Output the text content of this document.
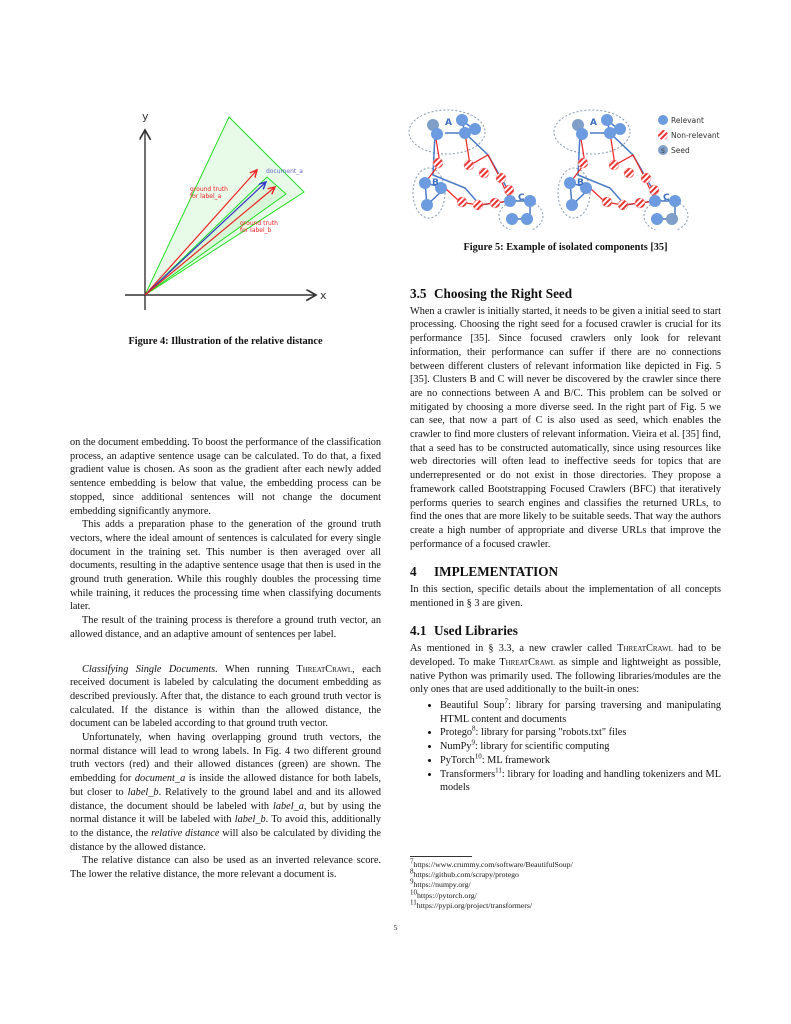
y
x
document_a
ground truth
for label_a
ground truth
for label_b
Figure 4: Illustration of the relative distance
A
B
C
A
B
C
Relevant
Non-relevant
S Seed
Figure 5: Example of isolated components [35]

on the document embedding. To boost the performance of the classification process, an adaptive sentence usage can be calculated. To do that, a fixed gradient value is chosen. As soon as the gradient after each newly added sentence embedding is below that value, the embedding process can be stopped, since additional sentences will not change the document embedding significantly anymore.

This adds a preparation phase to the generation of the ground truth vectors, where the ideal amount of sentences is calculated for every single document in the training set. This number is then averaged over all documents, resulting in the adaptive sentence usage that then is used in the ground truth generation. While this roughly doubles the processing time while training, it reduces the processing time when classifying documents later.

The result of the training process is therefore a ground truth vector, an allowed distance, and an adaptive amount of sentences per label.

Classifying Single Documents. When running ThreatCrawl, each received document is labeled by calculating the document embedding as described previously. After that, the distance to each ground truth vector is calculated. If the distance is within than the allowed distance, the document can be labeled according to that ground truth vector.

Unfortunately, when having overlapping ground truth vectors, the normal distance will lead to wrong labels. In Fig. 4 two different ground truth vectors (red) and their allowed distances (green) are shown. The embedding for document_a is inside the allowed distance for both labels, but closer to label_b. Relatively to the ground label and and its allowed distance, the document should be labeled with label_a, but by using the normal distance it will be labeled with label_b. To avoid this, additionally to the distance, the relative distance will also be calculated by dividing the distance by the allowed distance.

The relative distance can also be used as an inverted relevance score. The lower the relative distance, the more relevant a document is.

3.5 Choosing the Right Seed

When a crawler is initially started, it needs to be given a initial seed to start processing. Choosing the right seed for a focused crawler is crucial for its performance [35]. Since focused crawlers only look for relevant information, their performance can suffer if there are no connections between different clusters of relevant information like depicted in Fig. 5 [35]. Clusters B and C will never be discovered by the crawler since there are no connections between A and B/C. This problem can be solved or mitigated by choosing a more diverse seed. In the right part of Fig. 5 we can see, that now a part of C is also used as seed, which enables the crawler to find more clusters of relevant information. Vieira et al. [35] find, that a seed has to be constructed automatically, since using resources like web directories will often lead to ineffective seeds for topics that are underrepresented or do not exist in those directories. They propose a framework called Bootstrapping Focused Crawlers (BFC) that iteratively performs queries to search engines and classifies the returned URLs, to find the ones that are more likely to be suitable seeds. That way the authors create a high number of appropriate and diverse URLs that improve the performance of a focused crawler.

4 IMPLEMENTATION

In this section, specific details about the implementation of all concepts mentioned in § 3 are given.

4.1 Used Libraries

As mentioned in § 3.3, a new crawler called ThreatCrawl had to be developed. To make ThreatCrawl as simple and lightweight as possible, native Python was primarily used. The following libraries/modules are the only ones that are used additionally to the built-in ones:

• Beautiful Soup$^7$: library for parsing traversing and manipulating HTML content and documents
• Protego$^8$: library for parsing "robots.txt" files
• NumPy$^9$: library for scientific computing
• PyTorch$^{10}$: ML framework
• Transformers$^{11}$: library for loading and handling tokenizers and ML models
$^7$https://www.crummy.com/software/BeautifulSoup/
$^8$https://github.com/scrapy/protego
$^9$https://numpy.org/
$^{10}$https://pytorch.org/
$^{11}$https://pypi.org/project/transformers/
5
